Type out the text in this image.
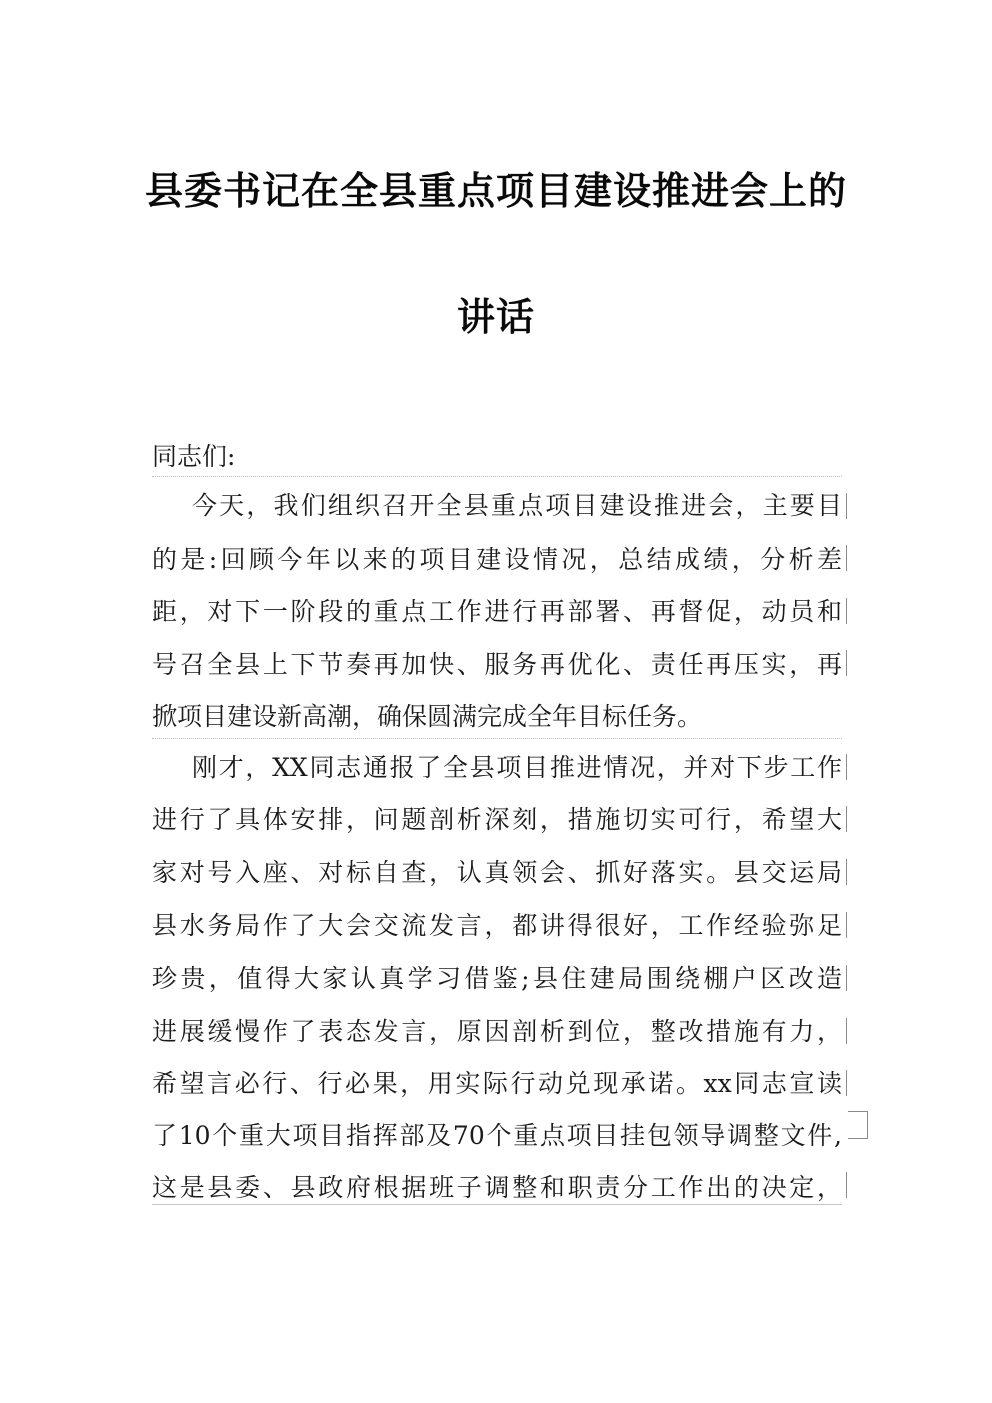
县委书记在全县重点项目建设推进会上的
讲话
同志们:
今天，我们组织召开全县重点项目建设推进会，主要目
的是:回顾今年以来的项目建设情况，总结成绩，分析差
距，对下一阶段的重点工作进行再部署、再督促，动员和
号召全县上下节奏再加快、服务再优化、责任再压实，再
掀项目建设新高潮，确保圆满完成全年目标任务。
刚才，XX同志通报了全县项目推进情况，并对下步工作
进行了具体安排，问题剖析深刻，措施切实可行，希望大
家对号入座、对标自查，认真领会、抓好落实。县交运局
县水务局作了大会交流发言，都讲得很好，工作经验弥足
珍贵，值得大家认真学习借鉴;县住建局围绕棚户区改造
进展缓慢作了表态发言，原因剖析到位，整改措施有力，
希望言必行、行必果，用实际行动兑现承诺。xx同志宣读
了10个重大项目指挥部及70个重点项目挂包领导调整文件,
这是县委、县政府根据班子调整和职责分工作出的决定，
